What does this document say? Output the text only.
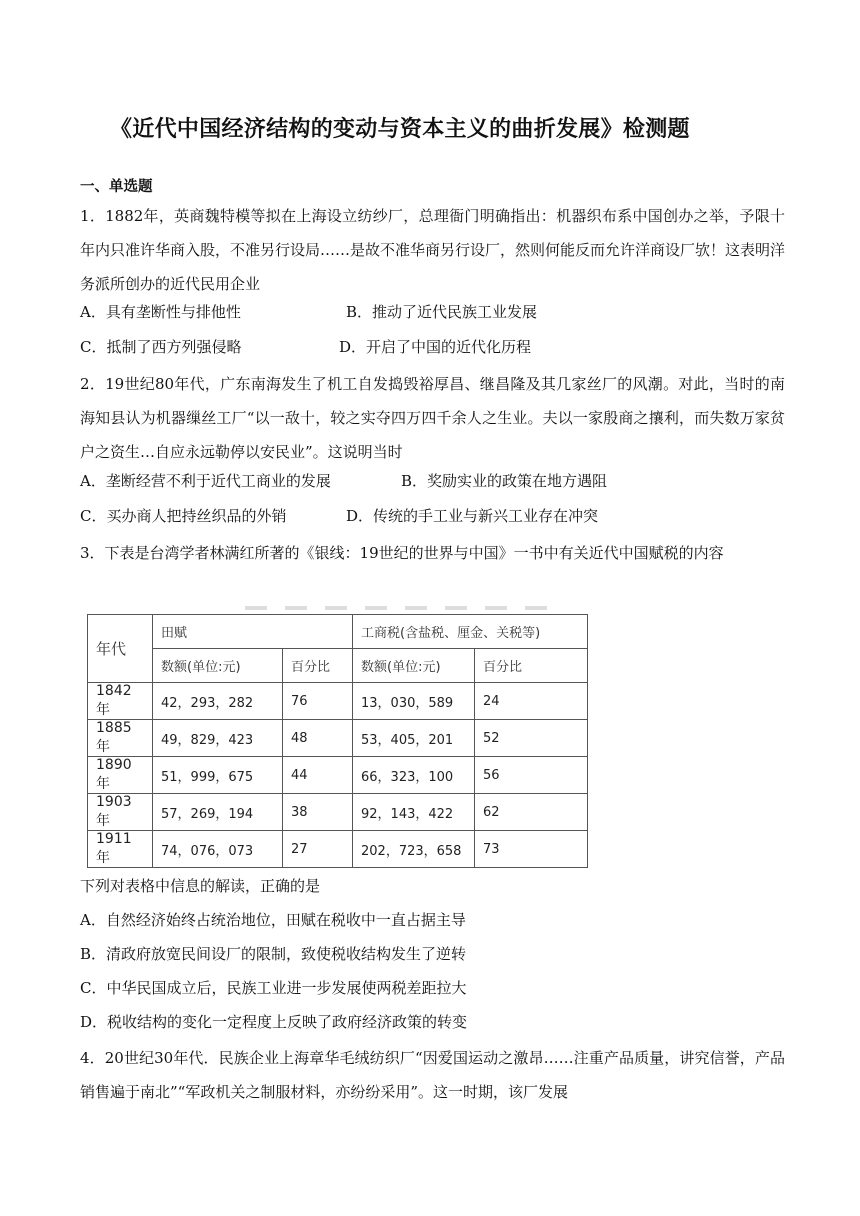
《近代中国经济结构的变动与资本主义的曲折发展》检测题
一、单选题
1．1882年，英商魏特模等拟在上海设立纺纱厂，总理衙门明确指出：机器织布系中国创办之举，予限十年内只准许华商入股，不准另行设局……是故不准华商另行设厂，然则何能反而允许洋商设厂欤！这表明洋务派所创办的近代民用企业
A．具有垄断性与排他性	B．推动了近代民族工业发展
C．抵制了西方列强侵略	D．开启了中国的近代化历程
2．19世纪80年代，广东南海发生了机工自发捣毁裕厚昌、继昌隆及其几家丝厂的风潮。对此，当时的南海知县认为机器缫丝工厂“以一敌十，较之实夺四万四千余人之生业。夫以一家殷商之攘利，而失数万家贫户之资生…自应永远勒停以安民业”。这说明当时
A．垄断经营不利于近代工商业的发展	B．奖励实业的政策在地方遇阻
C．买办商人把持丝织品的外销	D．传统的手工业与新兴工业存在冲突
3．下表是台湾学者林满红所著的《银线：19世纪的世界与中国》一书中有关近代中国赋税的内容
年代	田赋		工商税(含盐税、厘金、关税等)	
	数额(单位:元)	百分比	数额(单位:元)	百分比
1842年	42，293，282	76	13，030，589	24
1885年	49，829，423	48	53，405，201	52
1890年	51，999，675	44	66，323，100	56
1903年	57，269，194	38	92，143，422	62
1911年	74，076，073	27	202，723，658	73
下列对表格中信息的解读，正确的是
A．自然经济始终占统治地位，田赋在税收中一直占据主导
B．清政府放宽民间设厂的限制，致使税收结构发生了逆转
C．中华民国成立后，民族工业进一步发展使两税差距拉大
D．税收结构的变化一定程度上反映了政府经济政策的转变
4．20世纪30年代．民族企业上海章华毛绒纺织厂“因爱国运动之激昂……注重产品质量，讲究信誉，产品销售遍于南北”“军政机关之制服材料，亦纷纷采用”。这一时期，该厂发展
